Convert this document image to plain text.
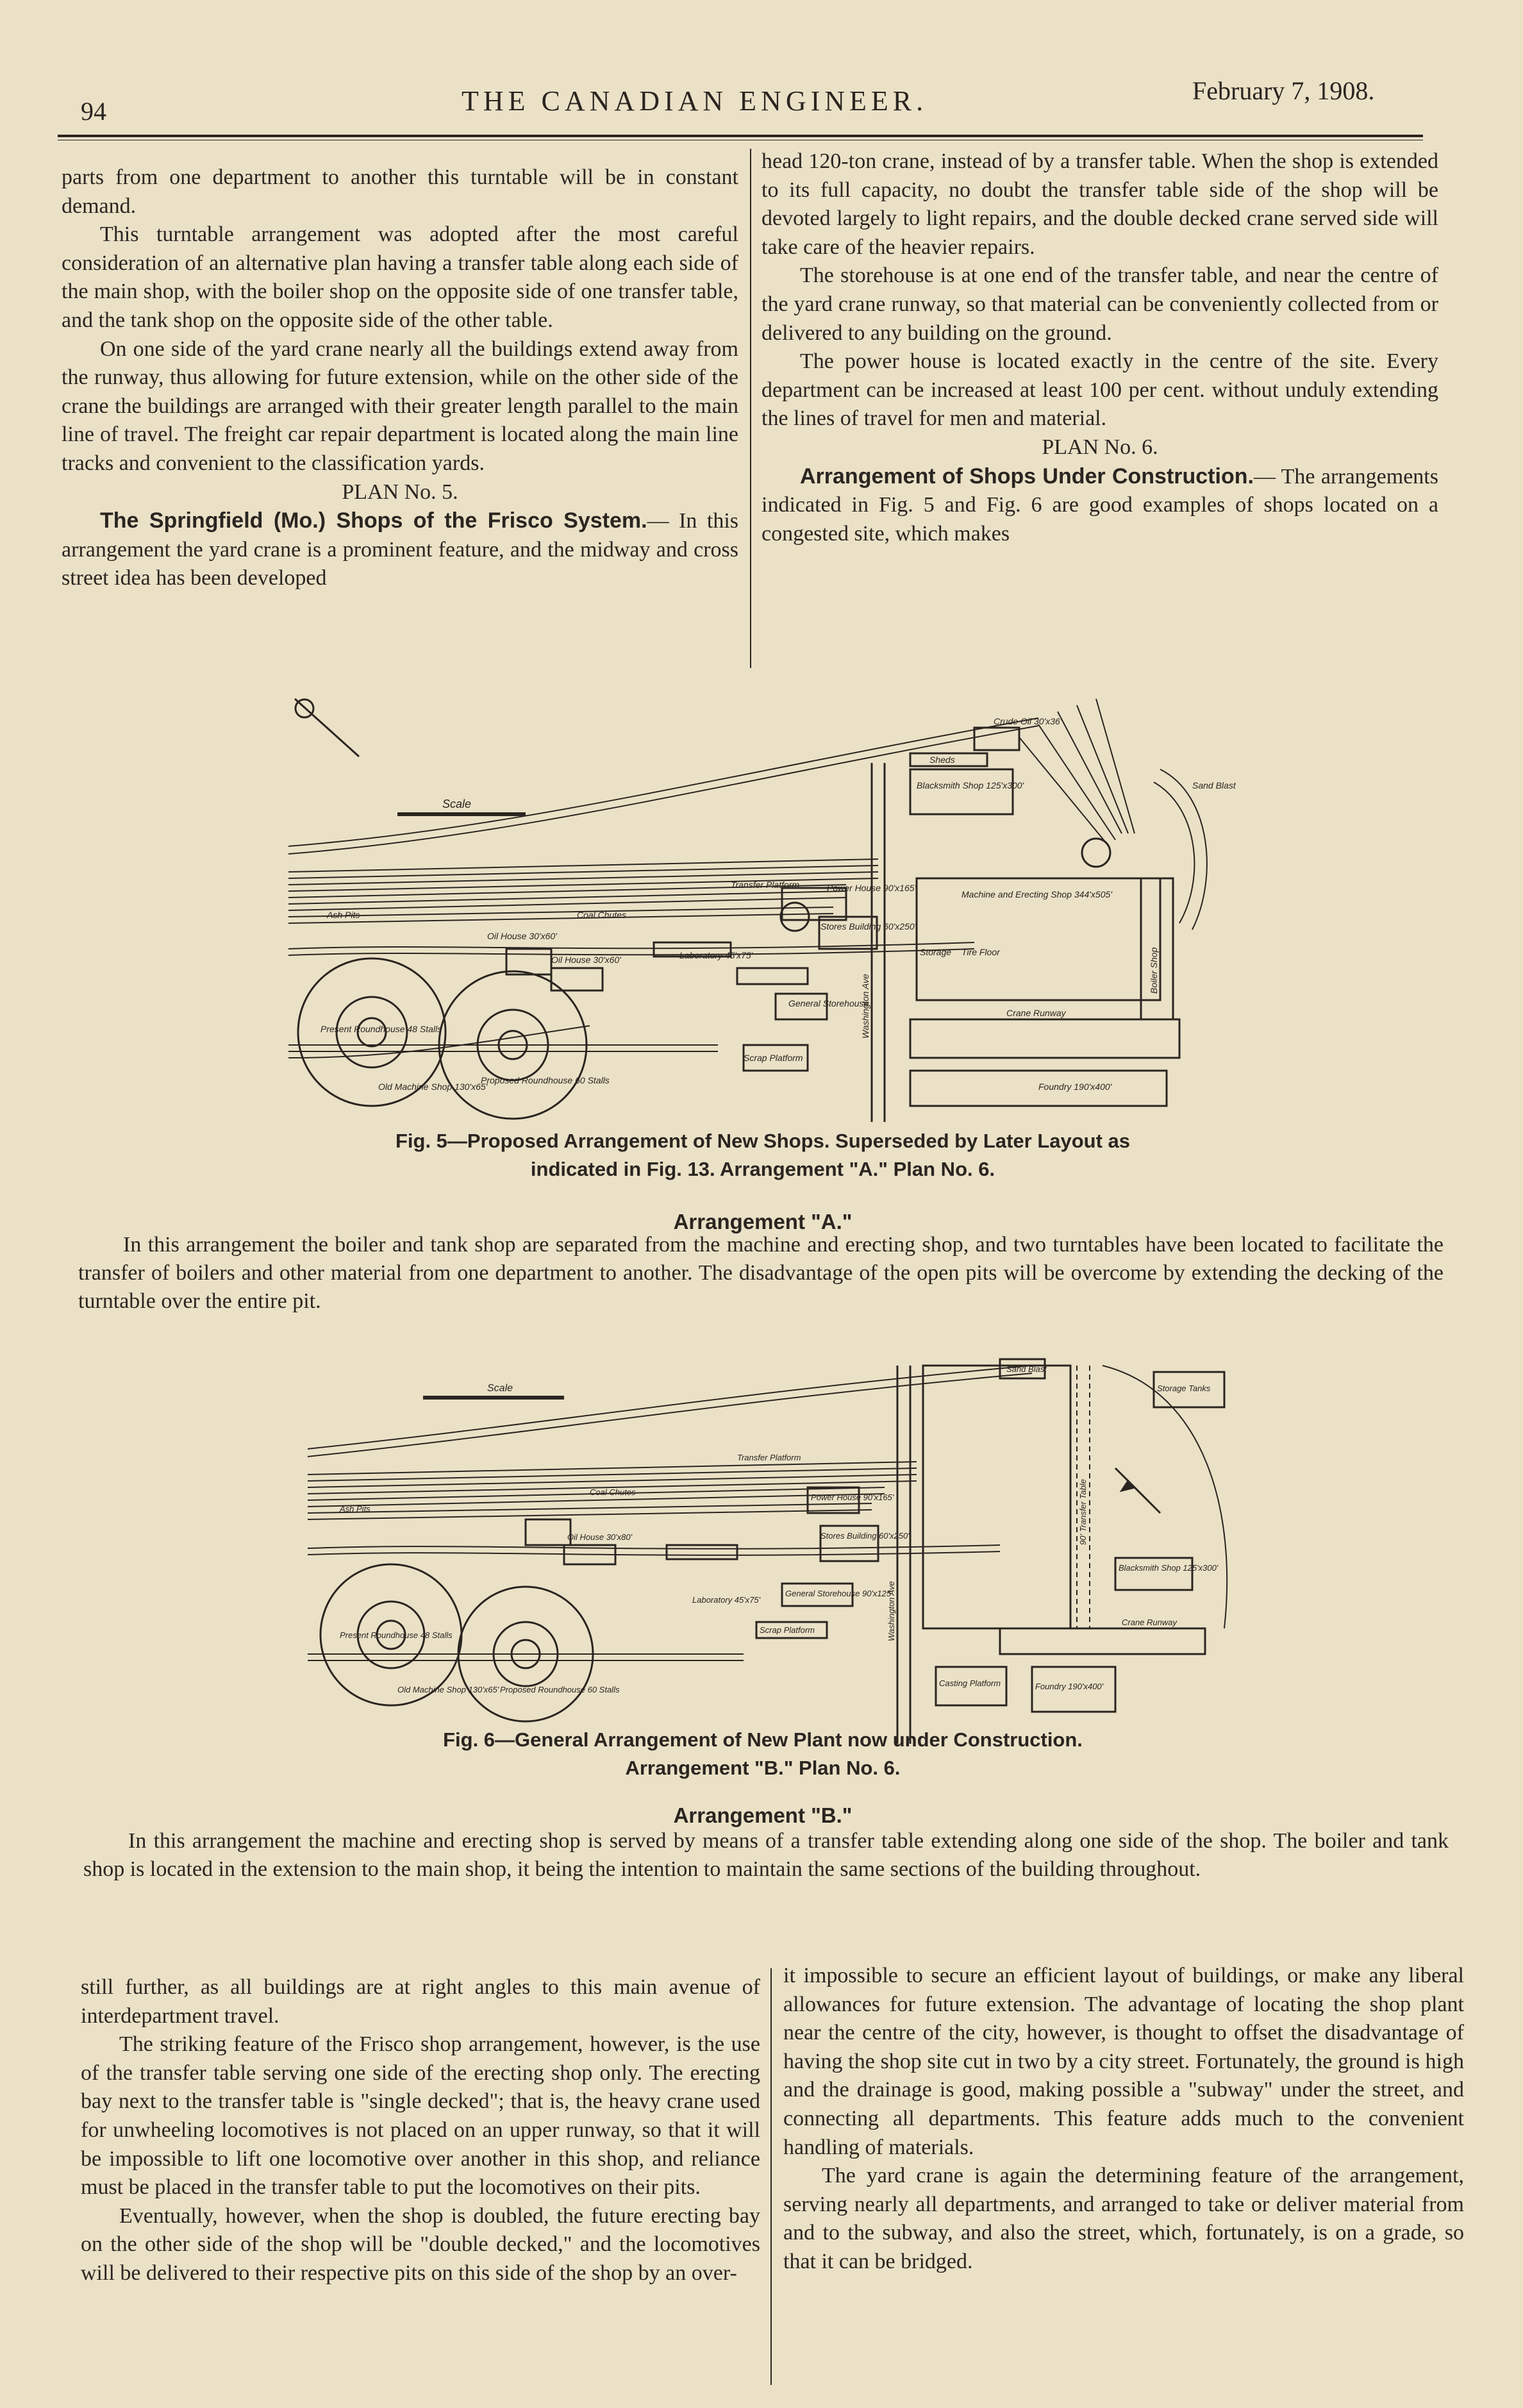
94	THE CANADIAN ENGINEER.	February 7, 1908.

parts from one department to another this turntable will be in constant demand.

This turntable arrangement was adopted after the most careful consideration of an alternative plan having a transfer table along each side of the main shop, with the boiler shop on the opposite side of one transfer table, and the tank shop on the opposite side of the other table.

On one side of the yard crane nearly all the buildings extend away from the runway, thus allowing for future extension, while on the other side of the crane the buildings are arranged with their greater length parallel to the main line of travel. The freight car repair department is located along the main line tracks and convenient to the classification yards.

PLAN No. 5.

The Springfield (Mo.) Shops of the Frisco System.— In this arrangement the yard crane is a prominent feature, and the midway and cross street idea has been developed

head 120-ton crane, instead of by a transfer table. When the shop is extended to its full capacity, no doubt the transfer table side of the shop will be devoted largely to light repairs, and the double decked crane served side will take care of the heavier repairs.

The storehouse is at one end of the transfer table, and near the centre of the yard crane runway, so that material can be conveniently collected from or delivered to any building on the ground.

The power house is located exactly in the centre of the site. Every department can be increased at least 100 per cent. without unduly extending the lines of travel for men and material.

PLAN No. 6.

Arrangement of Shops Under Construction.— The arrangements indicated in Fig. 5 and Fig. 6 are good examples of shops located on a congested site, which makes

Scale
Ash Pits	Coal Chutes
Oil House 30'x60'
Oil House 30'x60'
Present Roundhouse 48 Stalls
Proposed Roundhouse 60 Stalls
Old Machine Shop 130'x65'
Transfer Platform	Power House 90'x165'
Stores Building 60'x250'
Laboratory 45'x75'
General Storehouse
Scrap Platform
Washington Ave
Blacksmith Shop 125'x300'
Machine and Erecting Shop 344'x505'
Tire Floor
Storage
Crane Runway
Foundry 190'x400'
Sheds
Crude Oil 30'x36'
Sand Blast
Boiler Shop
Fig. 5—Proposed Arrangement of New Shops. Superseded by Later Layout as
indicated in Fig. 13. Arrangement "A." Plan No. 6.
Arrangement "A."

In this arrangement the boiler and tank shop are separated from the machine and erecting shop, and two turntables have been located to facilitate the transfer of boilers and other material from one department to another. The disadvantage of the open pits will be overcome by extending the decking of the turntable over the entire pit.

Scale
Coal Chutes
Ash Pits
Oil House 30'x80'
Present Roundhouse 48 Stalls
Proposed Roundhouse 60 Stalls
Old Machine Shop 130'x65'
Transfer Platform
Power House 90'x165'
Stores Building 60'x250'
Laboratory 45'x75'
General Storehouse 90'x125'
Scrap Platform	Washington Ave
90' Transfer Table
Blacksmith Shop 125'x300'
Crane Runway
Foundry 190'x400'
Casting Platform
Sand Blast
Storage Tanks
Fig. 6—General Arrangement of New Plant now under Construction.
Arrangement "B." Plan No. 6.
Arrangement "B."

In this arrangement the machine and erecting shop is served by means of a transfer table extending along one side of the shop. The boiler and tank shop is located in the extension to the main shop, it being the intention to maintain the same sections of the building throughout.

still further, as all buildings are at right angles to this main avenue of interdepartment travel.

The striking feature of the Frisco shop arrangement, however, is the use of the transfer table serving one side of the erecting shop only. The erecting bay next to the transfer table is "single decked"; that is, the heavy crane used for unwheeling locomotives is not placed on an upper runway, so that it will be impossible to lift one locomotive over another in this shop, and reliance must be placed in the transfer table to put the locomotives on their pits.

Eventually, however, when the shop is doubled, the future erecting bay on the other side of the shop will be "double decked," and the locomotives will be delivered to their respective pits on this side of the shop by an over-

it impossible to secure an efficient layout of buildings, or make any liberal allowances for future extension. The advantage of locating the shop plant near the centre of the city, however, is thought to offset the disadvantage of having the shop site cut in two by a city street. Fortunately, the ground is high and the drainage is good, making possible a "subway" under the street, and connecting all departments. This feature adds much to the convenient handling of materials.

The yard crane is again the determining feature of the arrangement, serving nearly all departments, and arranged to take or deliver material from and to the subway, and also the street, which, fortunately, is on a grade, so that it can be bridged.
